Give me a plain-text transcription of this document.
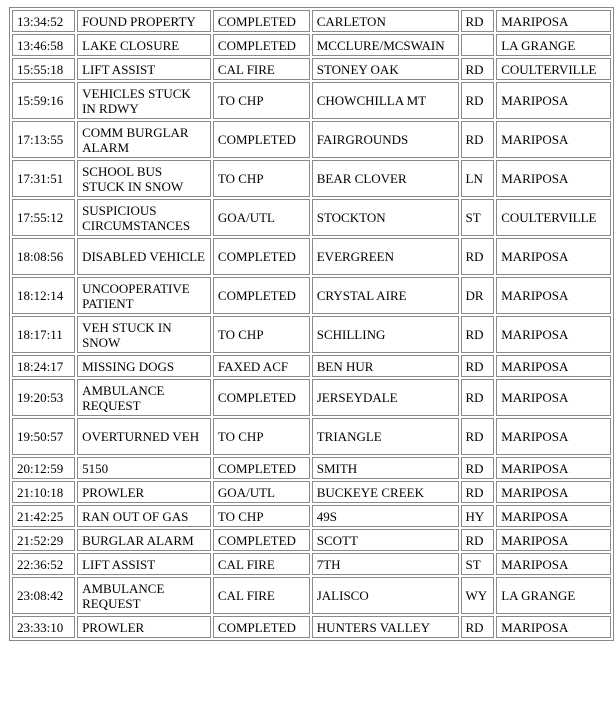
13:34:52	FOUND PROPERTY	COMPLETED	CARLETON	RD	MARIPOSA
13:46:58	LAKE CLOSURE	COMPLETED	MCCLURE/MCSWAIN		LA GRANGE
15:55:18	LIFT ASSIST	CAL FIRE	STONEY OAK	RD	COULTERVILLE
15:59:16	VEHICLES STUCK IN RDWY	TO CHP	CHOWCHILLA MT	RD	MARIPOSA
17:13:55	COMM BURGLAR ALARM	COMPLETED	FAIRGROUNDS	RD	MARIPOSA
17:31:51	SCHOOL BUS STUCK IN SNOW	TO CHP	BEAR CLOVER	LN	MARIPOSA
17:55:12	SUSPICIOUS CIRCUMSTANCES	GOA/UTL	STOCKTON	ST	COULTERVILLE
18:08:56	DISABLED VEHICLE	COMPLETED	EVERGREEN	RD	MARIPOSA
18:12:14	UNCOOPERATIVE PATIENT	COMPLETED	CRYSTAL AIRE	DR	MARIPOSA
18:17:11	VEH STUCK IN SNOW	TO CHP	SCHILLING	RD	MARIPOSA
18:24:17	MISSING DOGS	FAXED ACF	BEN HUR	RD	MARIPOSA
19:20:53	AMBULANCE REQUEST	COMPLETED	JERSEYDALE	RD	MARIPOSA
19:50:57	OVERTURNED VEH	TO CHP	TRIANGLE	RD	MARIPOSA
20:12:59	5150	COMPLETED	SMITH	RD	MARIPOSA
21:10:18	PROWLER	GOA/UTL	BUCKEYE CREEK	RD	MARIPOSA
21:42:25	RAN OUT OF GAS	TO CHP	49S	HY	MARIPOSA
21:52:29	BURGLAR ALARM	COMPLETED	SCOTT	RD	MARIPOSA
22:36:52	LIFT ASSIST	CAL FIRE	7TH	ST	MARIPOSA
23:08:42	AMBULANCE REQUEST	CAL FIRE	JALISCO	WY	LA GRANGE
23:33:10	PROWLER	COMPLETED	HUNTERS VALLEY	RD	MARIPOSA
